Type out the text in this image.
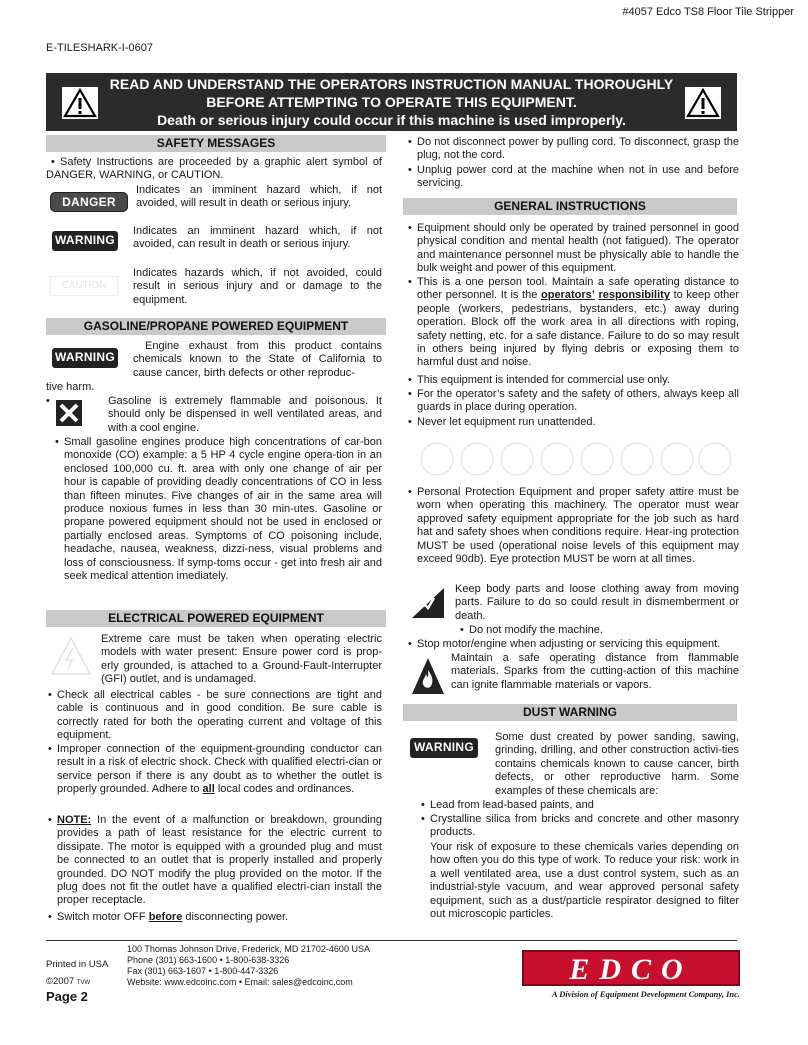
#4057 Edco TS8 Floor Tile Stripper
E-TILESHARK-I-0607
READ AND UNDERSTAND THE OPERATORS INSTRUCTION MANUAL THOROUGHLY
BEFORE ATTEMPTING TO OPERATE THIS EQUIPMENT.
Death or serious injury could occur if this machine is used improperly.
SAFETY MESSAGES
• Safety Instructions are proceeded by a graphic alert symbol of DANGER, WARNING, or CAUTION.
DANGER
Indicates an imminent hazard which, if not avoided, will result in death or serious injury.
WARNING
Indicates an imminent hazard which, if not avoided, can result in death or serious injury.
CAUTION
Indicates hazards which, if not avoided, could result in serious injury and or damage to the equipment.
GASOLINE/PROPANE POWERED EQUIPMENT
WARNING
Engine exhaust from this product contains chemicals known to the State of California to cause cancer, birth defects or other reproduc-
tive harm.
•	Gasoline is extremely flammable and poisonous. It should only be dispensed in well ventilated areas, and with a cool engine.
• Small gasoline engines produce high concentrations of car-bon monoxide (CO) example: a 5 HP 4 cycle engine opera-tion in an enclosed 100,000 cu. ft. area with only one change of air per hour is capable of providing deadly concentrations of CO in less than fifteen minutes. Five changes of air in the same area will produce noxious fumes in less than 30 min-utes. Gasoline or propane powered equipment should not be used in enclosed or partially enclosed areas. Symptoms of CO poisoning include, headache, nausea, weakness, dizzi-ness, visual problems and loss of consciousness. If symp-toms occur - get into fresh air and seek medical attention imediately.
ELECTRICAL POWERED EQUIPMENT
Extreme care must be taken when operating electric models with water present: Ensure power cord is prop-erly grounded, is attached to a Ground-Fault-Interrupter (GFI) outlet, and is undamaged.
• Check all electrical cables - be sure connections are tight and cable is continuous and in good condition. Be sure cable is correctly rated for both the operating current and voltage of this equipment.
• Improper connection of the equipment-grounding conductor can result in a risk of electric shock. Check with qualified electri-cian or service person if there is any doubt as to whether the outlet is properly grounded. Adhere to all local codes and ordinances.
• NOTE: In the event of a malfunction or breakdown, grounding provides a path of least resistance for the electric current to dissipate. The motor is equipped with a grounded plug and must be connected to an outlet that is properly installed and properly grounded. DO NOT modify the plug provided on the motor. If the plug does not fit the outlet have a qualified electri-cian install the proper receptacle.
• Switch motor OFF before disconnecting power.
• Do not disconnect power by pulling cord. To disconnect, grasp the plug, not the cord.
• Unplug power cord at the machine when not in use and before servicing.
GENERAL INSTRUCTIONS
• Equipment should only be operated by trained personnel in good physical condition and mental health (not fatigued). The operator and maintenance personnel must be physically able to handle the bulk weight and power of this equipment.
• This is a one person tool. Maintain a safe operating distance to other personnel. It is the operators’ responsibility to keep other people (workers, pedestrians, bystanders, etc.) away during operation. Block off the work area in all directions with roping, safety netting, etc. for a safe distance. Failure to do so may result in others being injured by flying debris or exposing them to harmful dust and noise.
• This equipment is intended for commercial use only.
• For the operator’s safety and the safety of others, always keep all guards in place during operation.
• Never let equipment run unattended.
• Personal Protection Equipment and proper safety attire must be worn when operating this machinery. The operator must wear approved safety equipment appropriate for the job such as hard hat and safety shoes when conditions require. Hear-ing protection MUST be used (operational noise levels of this equipment may exceed 90db). Eye protection MUST be worn at all times.
Keep body parts and loose clothing away from moving parts. Failure to do so could result in dismemberment or death.
• Do not modify the machine.
• Stop motor/engine when adjusting or servicing this equipment.
Maintain a safe operating distance from flammable materials. Sparks from the cutting-action of this machine can ignite flammable materials or vapors.
DUST WARNING
WARNING
Some dust created by power sanding, sawing, grinding, drilling, and other construction activi-ties contains chemicals known to cause cancer, birth defects, or other reproductive harm. Some examples of these chemicals are:
• Lead from lead-based paints, and
• Crystalline silica from bricks and concrete and other masonry products.
Your risk of exposure to these chemicals varies depending on how often you do this type of work. To reduce your risk: work in a well ventilated area, use a dust control system, such as an industrial-style vacuum, and wear approved personal safety equipment, such as a dust/particle respirator designed to filter out microscopic particles.
Printed in USA
©2007 TVW
Page 2
100 Thomas Johnson Drive, Frederick, MD 21702-4600 USA
Phone (301) 663-1600 • 1-800-638-3326
Fax (301) 663-1607 • 1-800-447-3326
Website: www.edcoinc.com • Email: sales@edcoinc.com	EDCO
A Division of Equipment Development Company, Inc.
